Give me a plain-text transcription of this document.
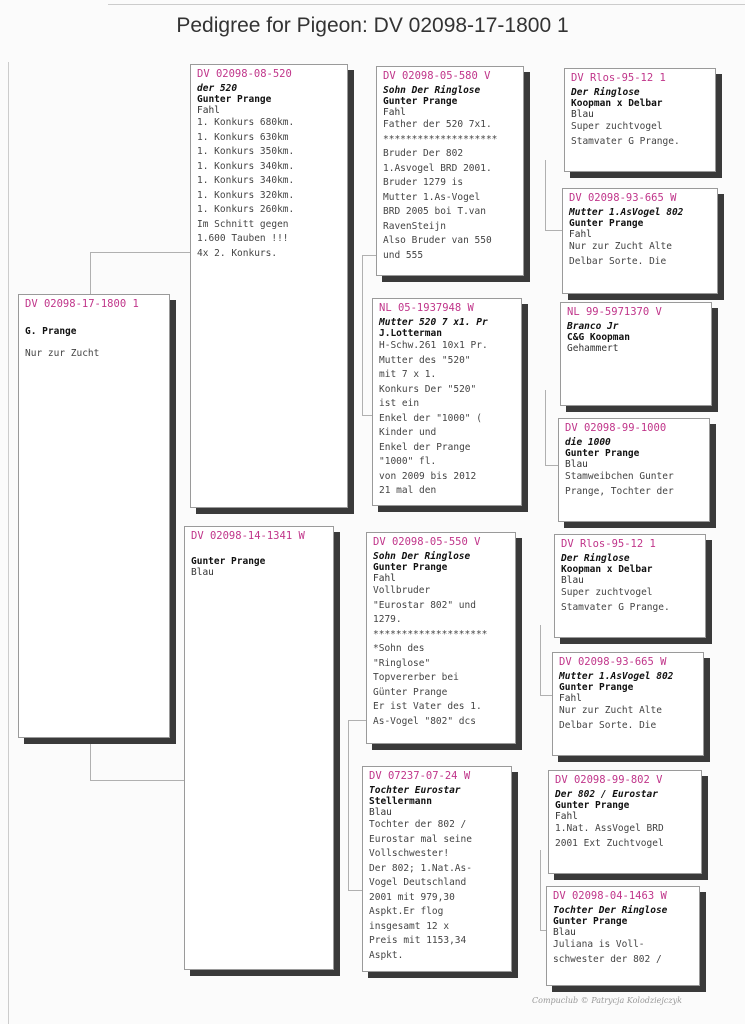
Pedigree for Pigeon: DV 02098-17-1800 1
DV 02098-17-1800 1
G. Prange
Nur zur Zucht
DV 02098-08-520
der 520
Gunter Prange
Fahl
1. Konkurs 680km.
1. Konkurs 630km
1. Konkurs 350km.
1. Konkurs 340km.
1. Konkurs 340km.
1. Konkurs 320km.
1. Konkurs 260km.
Im Schnitt gegen
1.600 Tauben !!!
4x 2. Konkurs.
DV 02098-14-1341 W
Gunter Prange
Blau
DV 02098-05-580 V
Sohn Der Ringlose
Gunter Prange
Fahl
Father der 520 7x1.
********************
Bruder Der 802
1.Asvogel BRD 2001.
Bruder 1279 is
Mutter 1.As-Vogel
BRD 2005 boi T.van
RavenSteijn
Also Bruder van 550
und 555
NL 05-1937948 W
Mutter 520 7 x1. Pr
J.Lotterman
H-Schw.261 10x1 Pr.
Mutter des "520"
mit 7 x 1.
Konkurs Der "520"
ist ein
Enkel der "1000" (
Kinder und
Enkel der Prange
"1000" fl.
von 2009 bis 2012
21 mal den
DV 02098-05-550 V
Sohn Der Ringlose
Gunter Prange
Fahl
Vollbruder
"Eurostar 802" und
1279.
********************
*Sohn des
"Ringlose"
Topvererber bei
Günter Prange
Er ist Vater des 1.
As-Vogel "802" dcs
DV 07237-07-24 W
Tochter Eurostar
Stellermann
Blau
Tochter der 802 /
Eurostar mal seine
Vollschwester!
Der 802; 1.Nat.As-
Vogel Deutschland
2001 mit 979,30
Aspkt.Er flog
insgesamt 12 x
Preis mit 1153,34
Aspkt.
DV Rlos-95-12 1
Der Ringlose
Koopman x Delbar
Blau
Super zuchtvogel
Stamvater G Prange.
DV 02098-93-665 W
Mutter 1.AsVogel 802
Gunter Prange
Fahl
Nur zur Zucht Alte
Delbar Sorte. Die
NL 99-5971370 V
Branco Jr
C&G Koopman
Gehammert
DV 02098-99-1000
die 1000
Gunter Prange
Blau
Stamweibchen Gunter
Prange, Tochter der
DV Rlos-95-12 1
Der Ringlose
Koopman x Delbar
Blau
Super zuchtvogel
Stamvater G Prange.
DV 02098-93-665 W
Mutter 1.AsVogel 802
Gunter Prange
Fahl
Nur zur Zucht Alte
Delbar Sorte. Die
DV 02098-99-802 V
Der 802 / Eurostar
Gunter Prange
Fahl
1.Nat. AssVogel BRD
2001 Ext Zuchtvogel
DV 02098-04-1463 W
Tochter Der Ringlose
Gunter Prange
Blau
Juliana is Voll-
schwester der 802 /
Compuclub © Patrycja Kolodziejczyk
